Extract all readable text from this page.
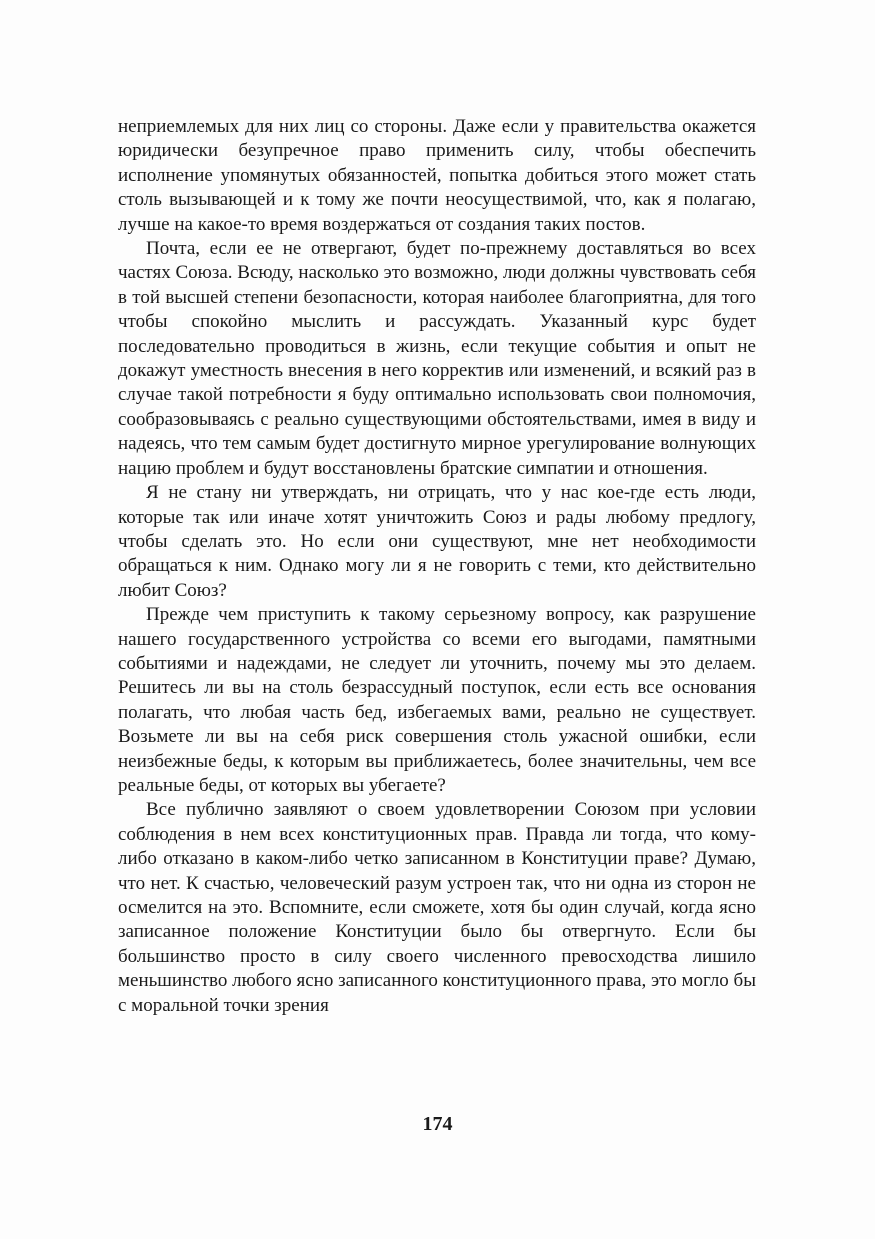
неприемлемых для них лиц со стороны. Даже если у правительства окажется юридически безупречное право применить силу, чтобы обеспечить исполнение упомянутых обязанностей, попытка добиться этого может стать столь вызывающей и к тому же почти неосуществимой, что, как я полагаю, лучше на какое-то время воздержаться от создания таких постов.

Почта, если ее не отвергают, будет по-прежнему доставляться во всех частях Союза. Всюду, насколько это возможно, люди должны чувствовать себя в той высшей степени безопасности, которая наиболее благоприятна, для того чтобы спокойно мыслить и рассуждать. Указанный курс будет последовательно проводиться в жизнь, если текущие события и опыт не докажут уместность внесения в него корректив или изменений, и всякий раз в случае такой потребности я буду оптимально использовать свои полномочия, сообразовываясь с реально существующими обстоятельствами, имея в виду и надеясь, что тем самым будет достигнуто мирное урегулирование волнующих нацию проблем и будут восстановлены братские симпатии и отношения.

Я не стану ни утверждать, ни отрицать, что у нас кое-где есть люди, которые так или иначе хотят уничтожить Союз и рады любому предлогу, чтобы сделать это. Но если они существуют, мне нет необходимости обращаться к ним. Однако могу ли я не говорить с теми, кто действительно любит Союз?

Прежде чем приступить к такому серьезному вопросу, как разрушение нашего государственного устройства со всеми его выгодами, памятными событиями и надеждами, не следует ли уточнить, почему мы это делаем. Решитесь ли вы на столь безрассудный поступок, если есть все основания полагать, что любая часть бед, избегаемых вами, реально не существует. Возьмете ли вы на себя риск совершения столь ужасной ошибки, если неизбежные беды, к которым вы приближаетесь, более значительны, чем все реальные беды, от которых вы убегаете?

Все публично заявляют о своем удовлетворении Союзом при условии соблюдения в нем всех конституционных прав. Правда ли тогда, что кому-либо отказано в каком-либо четко записанном в Конституции праве? Думаю, что нет. К счастью, человеческий разум устроен так, что ни одна из сторон не осмелится на это. Вспомните, если сможете, хотя бы один случай, когда ясно записанное положение Конституции было бы отвергнуто. Если бы большинство просто в силу своего численного превосходства лишило меньшинство любого ясно записанного конституционного права, это могло бы с моральной точки зрения

174
